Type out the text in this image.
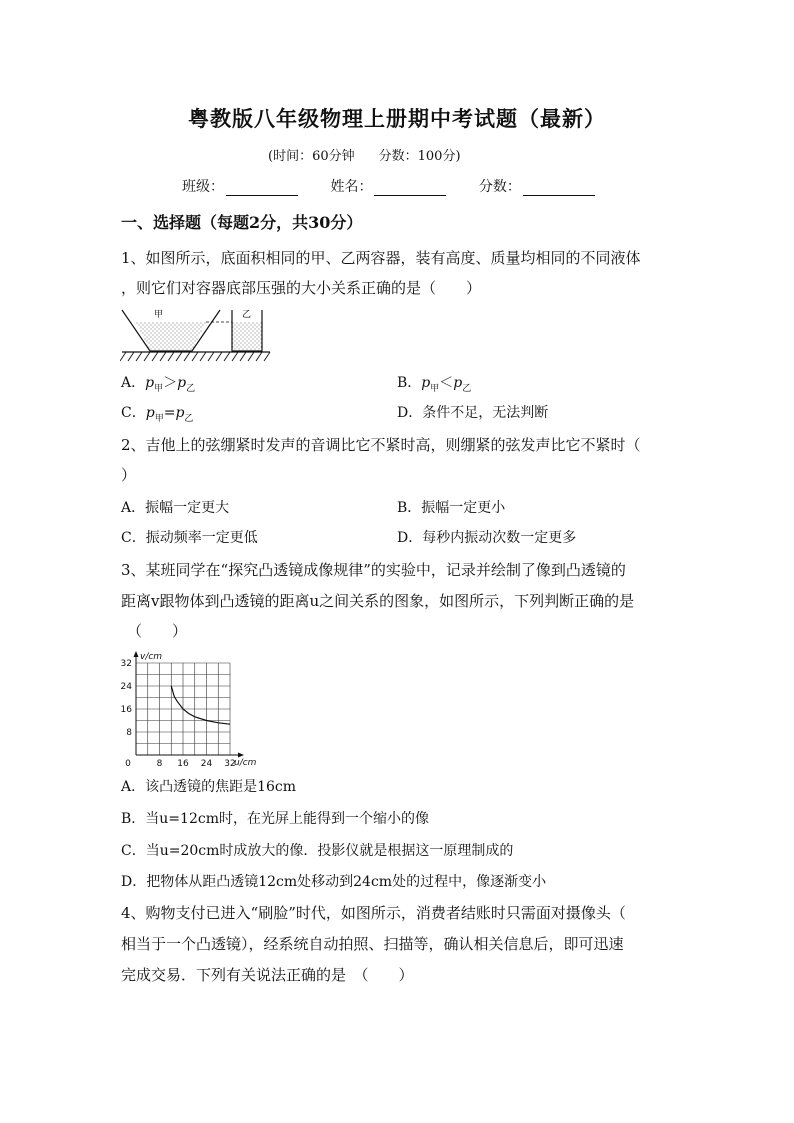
粤教版八年级物理上册期中考试题（最新）
(时间：60分钟 分数：100分)
班级：	姓名：	分数：
一、选择题（每题2分，共30分）
1、如图所示，底面积相同的甲、乙两容器，装有高度、质量均相同的不同液体
，则它们对容器底部压强的大小关系正确的是（　　）
甲	乙
A．$p_甲>p_乙$	B．$p_甲<p_乙$
C．$p_甲=p_乙$	D．条件不足，无法判断
2、吉他上的弦绷紧时发声的音调比它不紧时高，则绷紧的弦发声比它不紧时（
）
A．振幅一定更大	B．振幅一定更小
C．振动频率一定更低	D．每秒内振动次数一定更多
3、某班同学在“探究凸透镜成像规律”的实验中，记录并绘制了像到凸透镜的
距离v跟物体到凸透镜的距离u之间关系的图象，如图所示，下列判断正确的是
（　　）
8 16 24 32
8
16
24
32
0	u/cm
v/cm
A．该凸透镜的焦距是16cm
B．当u=12cm时，在光屏上能得到一个缩小的像
C．当u=20cm时成放大的像．投影仪就是根据这一原理制成的
D．把物体从距凸透镜12cm处移动到24cm处的过程中，像逐渐变小
4、购物支付已进入“刷脸”时代，如图所示，消费者结账时只需面对摄像头（
相当于一个凸透镜），经系统自动拍照、扫描等，确认相关信息后，即可迅速
完成交易．下列有关说法正确的是　（　　）
